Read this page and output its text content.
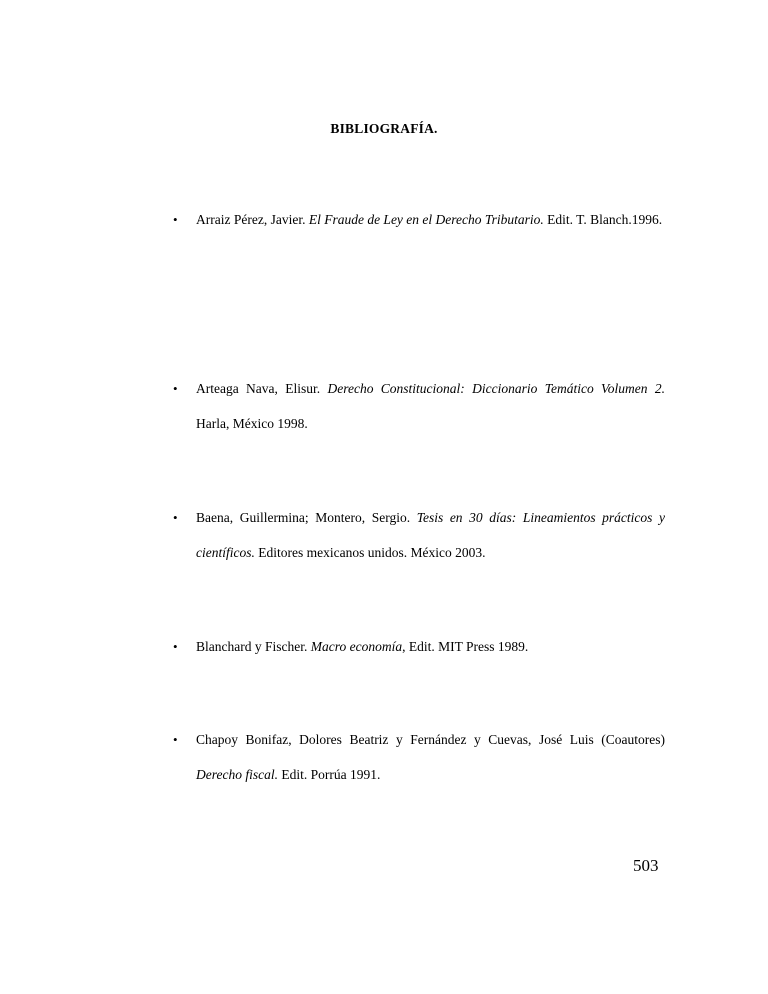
BIBLIOGRAFÍA.
• Arraiz Pérez, Javier. El Fraude de Ley en el Derecho Tributario. Edit. T. Blanch.1996.
• Arteaga Nava, Elisur. Derecho Constitucional: Diccionario Temático Volumen 2. Harla, México 1998.
• Baena, Guillermina; Montero, Sergio. Tesis en 30 días: Lineamientos prácticos y científicos. Editores mexicanos unidos. México 2003.
• Blanchard y Fischer. Macro economía, Edit. MIT Press 1989.
• Chapoy Bonifaz, Dolores Beatriz y Fernández y Cuevas, José Luis (Coautores) Derecho fiscal. Edit. Porrúa 1991.
503
